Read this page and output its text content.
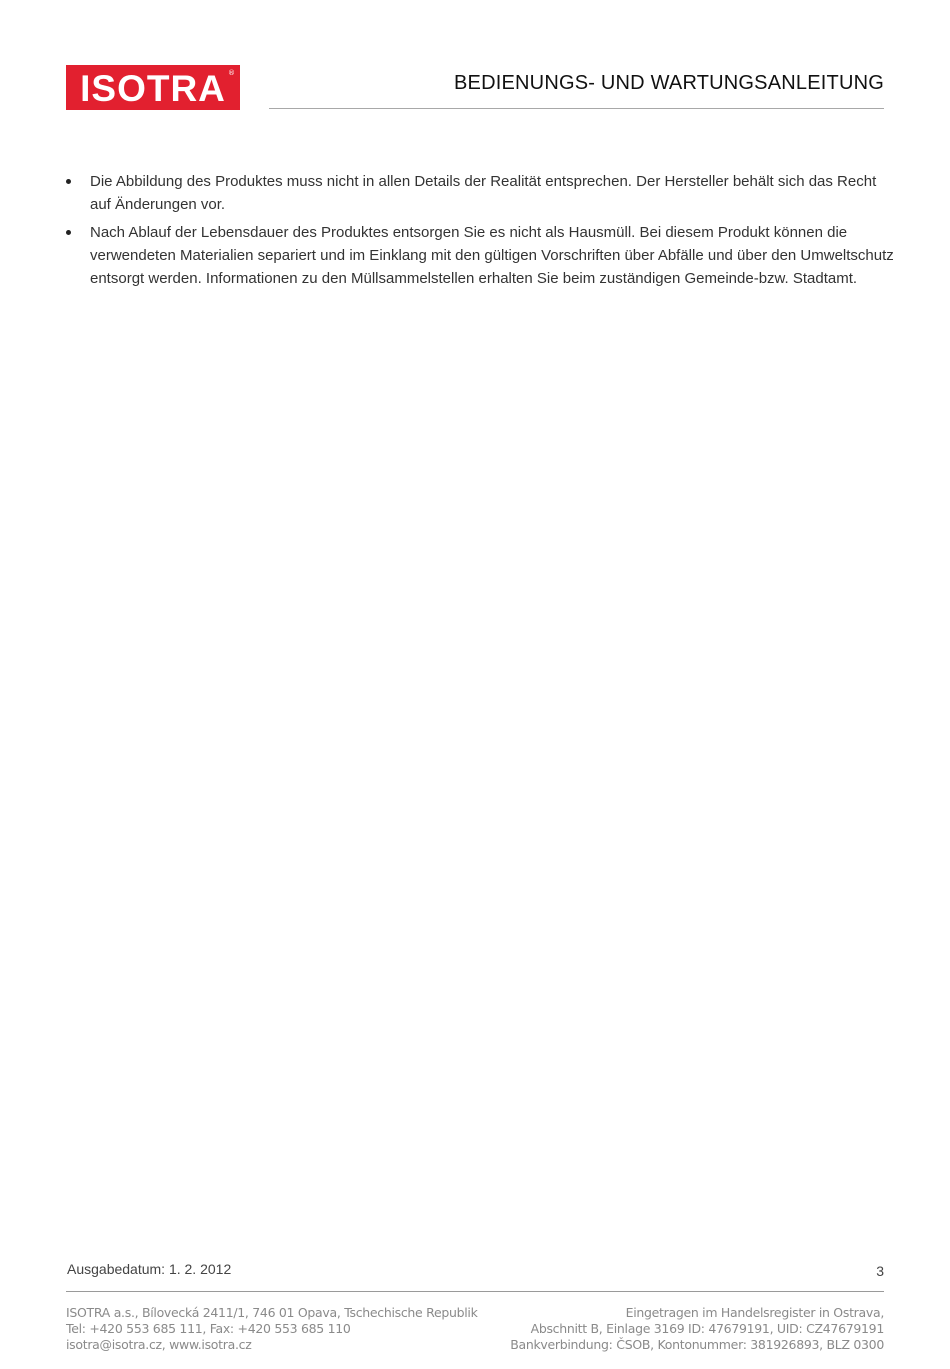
ISOTRA ®	BEDIENUNGS- UND WARTUNGSANLEITUNG
Die Abbildung des Produktes muss nicht in allen Details der Realität entsprechen. Der Hersteller behält sich das Recht auf Änderungen vor.
Nach Ablauf der Lebensdauer des Produktes entsorgen Sie es nicht als Hausmüll. Bei diesem Produkt können die verwendeten Materialien separiert und im Einklang mit den gültigen Vorschriften über Abfälle und über den Umweltschutz entsorgt werden. Informationen zu den Müllsammelstellen erhalten Sie beim zuständigen Gemeinde-bzw. Stadtamt.
Ausgabedatum: 1. 2. 2012	3
ISOTRA a.s., Bílovecká 2411/1, 746 01 Opava, Tschechische Republik
Tel: +420 553 685 111, Fax: +420 553 685 110
isotra@isotra.cz, www.isotra.cz
Eingetragen im Handelsregister in Ostrava,
Abschnitt B, Einlage 3169 ID: 47679191, UID: CZ47679191
Bankverbindung: ČSOB, Kontonummer: 381926893, BLZ 0300
